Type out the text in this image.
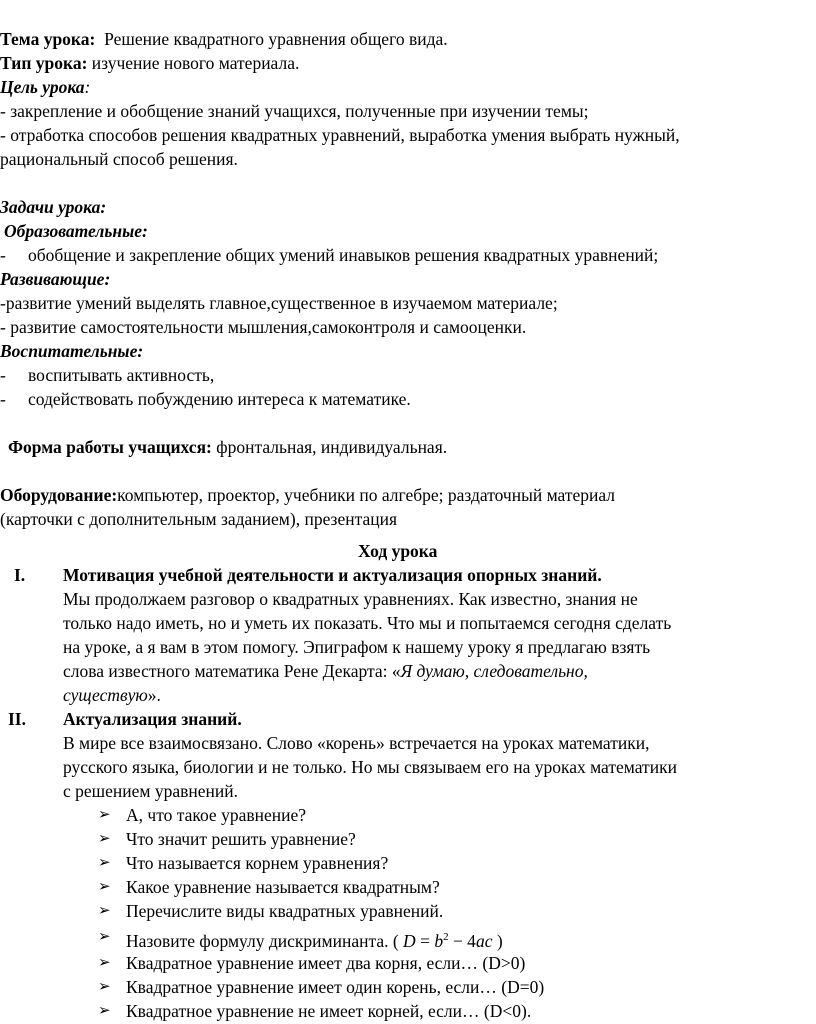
Тема урока: Решение квадратного уравнения общего вида.
Тип урока: изучение нового материала.
Цель урока:
- закрепление и обобщение знаний учащихся, полученные при изучении темы;
- отработка способов решения квадратных уравнений, выработка умения выбрать нужный,
рациональный способ решения.
Задачи урока:
Образовательные:
- обобщение и закрепление общих умений инавыков решения квадратных уравнений;
Развивающие:
-развитие умений выделять главное,существенное в изучаемом материале;
- развитие самостоятельности мышления,самоконтроля и самооценки.
Воспитательные:
- воспитывать активность,
- содействовать побуждению интереса к математике.
Форма работы учащихся: фронтальная, индивидуальная.
Оборудование:компьютер, проектор, учебники по алгебре; раздаточный материал
(карточки с дополнительным заданием), презентация
Ход урока
I. Мотивация учебной деятельности и актуализация опорных знаний.
Мы продолжаем разговор о квадратных уравнениях. Как известно, знания не
только надо иметь, но и уметь их показать. Что мы и попытаемся сегодня сделать
на уроке, а я вам в этом помогу. Эпиграфом к нашему уроку я предлагаю взять
слова известного математика Рене Декарта: «Я думаю, следовательно,
существую».
II. Актуализация знаний.
В мире все взаимосвязано. Слово «корень» встречается на уроках математики,
русского языка, биологии и не только. Но мы связываем его на уроках математики
с решением уравнений.
➢ А, что такое уравнение?
➢ Что значит решить уравнение?
➢ Что называется корнем уравнения?
➢ Какое уравнение называется квадратным?
➢ Перечислите виды квадратных уравнений.
➢ Назовите формулу дискриминанта. ( $D = b^2 - 4ac$ )
➢ Квадратное уравнение имеет два корня, если… (D>0)
➢ Квадратное уравнение имеет один корень, если… (D=0)
➢ Квадратное уравнение не имеет корней, если… (D<0).
